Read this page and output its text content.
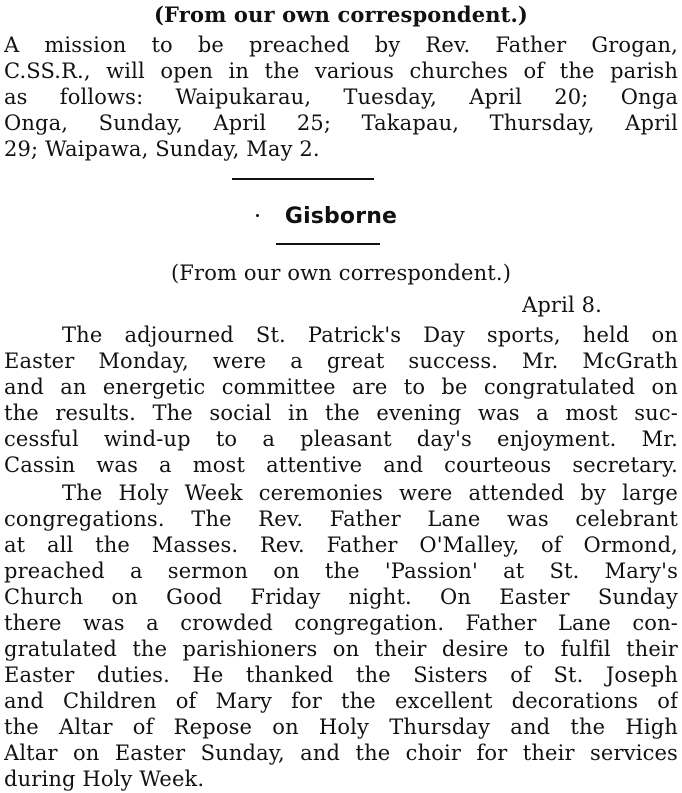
(From our own correspondent.)
A mission to be preached by Rev. Father Grogan,
C.SS.R., will open in the various churches of the parish
as follows: Waipukarau, Tuesday, April 20; Onga
Onga, Sunday, April 25; Takapau, Thursday, April
29; Waipawa, Sunday, May 2.
Gisborne
(From our own correspondent.)
April 8.
The adjourned St. Patrick's Day sports, held on
Easter Monday, were a great success. Mr. McGrath
and an energetic committee are to be congratulated on
the results. The social in the evening was a most suc-
cessful wind-up to a pleasant day's enjoyment. Mr.
Cassin was a most attentive and courteous secretary.
The Holy Week ceremonies were attended by large
congregations. The Rev. Father Lane was celebrant
at all the Masses. Rev. Father O'Malley, of Ormond,
preached a sermon on the 'Passion' at St. Mary's
Church on Good Friday night. On Easter Sunday
there was a crowded congregation. Father Lane con-
gratulated the parishioners on their desire to fulfil their
Easter duties. He thanked the Sisters of St. Joseph
and Children of Mary for the excellent decorations of
the Altar of Repose on Holy Thursday and the High
Altar on Easter Sunday, and the choir for their services
during Holy Week.
